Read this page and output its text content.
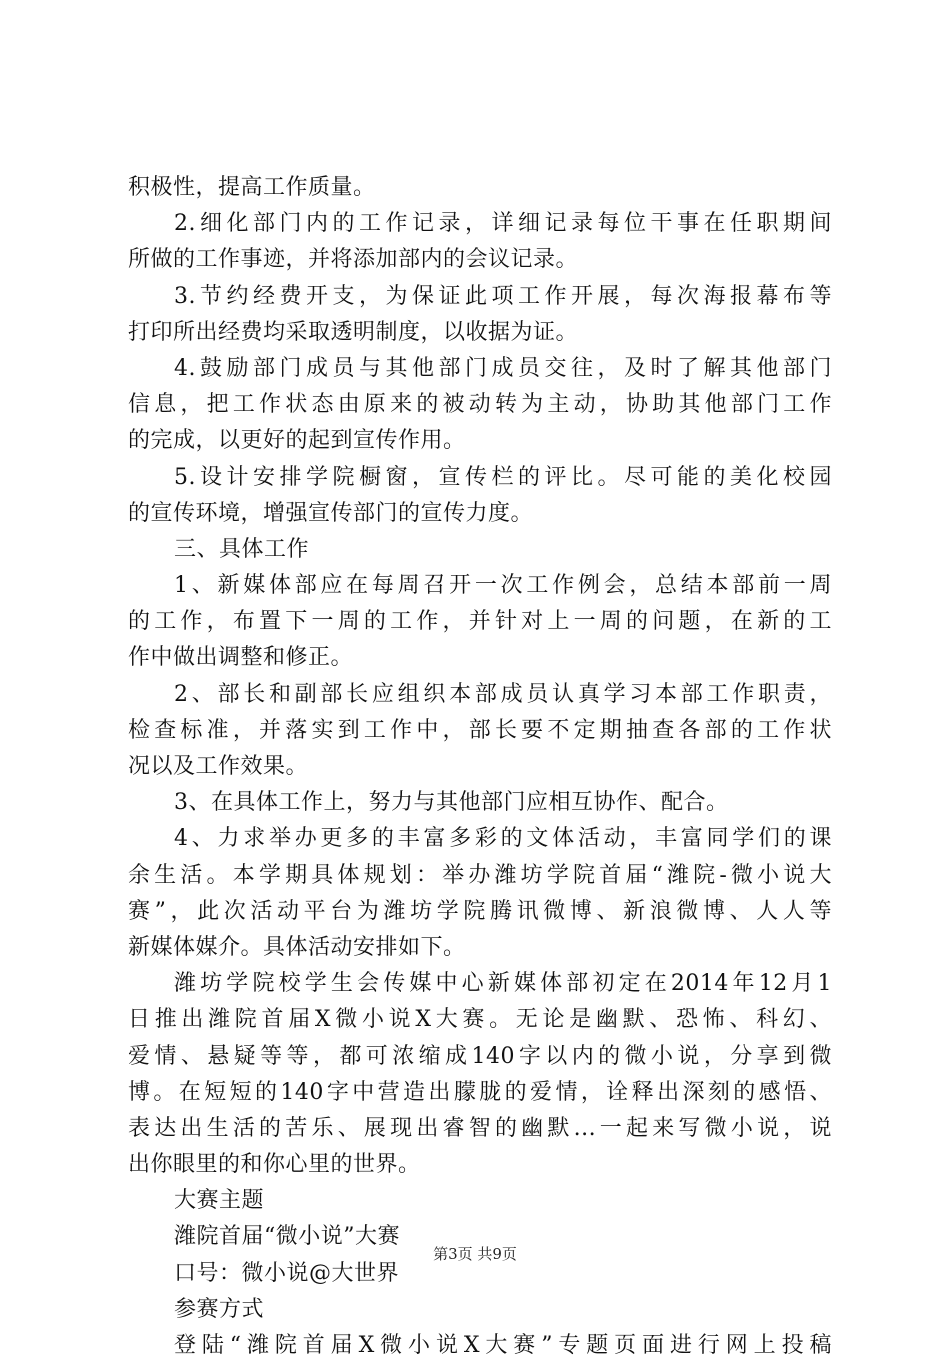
积极性，提高工作质量。
2.细化部门内的工作记录，详细记录每位干事在任职期间
所做的工作事迹，并将添加部内的会议记录。
3.节约经费开支，为保证此项工作开展，每次海报幕布等
打印所出经费均采取透明制度，以收据为证。
4.鼓励部门成员与其他部门成员交往，及时了解其他部门
信息，把工作状态由原来的被动转为主动，协助其他部门工作
的完成，以更好的起到宣传作用。
5.设计安排学院橱窗，宣传栏的评比。尽可能的美化校园
的宣传环境，增强宣传部门的宣传力度。
三、具体工作
1、新媒体部应在每周召开一次工作例会，总结本部前一周
的工作，布置下一周的工作，并针对上一周的问题，在新的工
作中做出调整和修正。
2、部长和副部长应组织本部成员认真学习本部工作职责，
检查标准，并落实到工作中，部长要不定期抽查各部的工作状
况以及工作效果。
3、在具体工作上，努力与其他部门应相互协作、配合。
4、力求举办更多的丰富多彩的文体活动，丰富同学们的课
余生活。本学期具体规划：举办潍坊学院首届“潍院-微小说大
赛”，此次活动平台为潍坊学院腾讯微博、新浪微博、人人等
新媒体媒介。具体活动安排如下。
潍坊学院校学生会传媒中心新媒体部初定在2014年12月1
日推出潍院首届X微小说X大赛。无论是幽默、恐怖、科幻、
爱情、悬疑等等，都可浓缩成140字以内的微小说，分享到微
博。在短短的140字中营造出朦胧的爱情，诠释出深刻的感悟、
表达出生活的苦乐、展现出睿智的幽默...一起来写微小说，说
出你眼里的和你心里的世界。
大赛主题
潍院首届“微小说”大赛
口号：微小说@大世界
参赛方式
登陆“潍院首届X微小说X大赛”专题页面进行网上投稿
第3页 共9页
